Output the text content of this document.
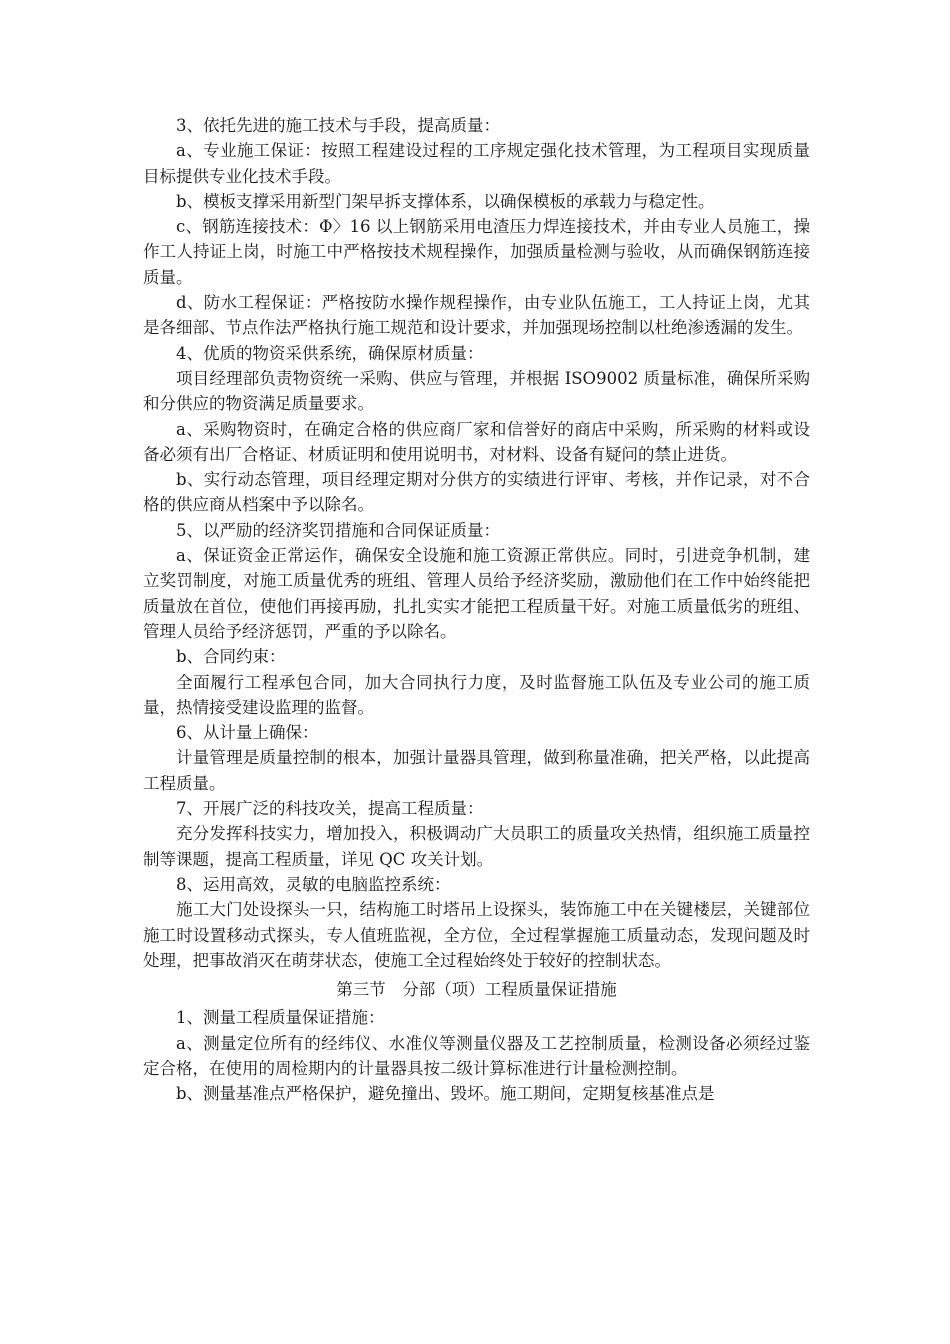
3、依托先进的施工技术与手段，提高质量：

a、专业施工保证：按照工程建设过程的工序规定强化技术管理，为工程项目实现质量目标提供专业化技术手段。

b、模板支撑采用新型门架早拆支撑体系，以确保模板的承载力与稳定性。

c、钢筋连接技术：Φ〉16 以上钢筋采用电渣压力焊连接技术，并由专业人员施工，操作工人持证上岗，时施工中严格按技术规程操作，加强质量检测与验收，从而确保钢筋连接质量。

d、防水工程保证：严格按防水操作规程操作，由专业队伍施工，工人持证上岗，尤其是各细部、节点作法严格执行施工规范和设计要求，并加强现场控制以杜绝渗透漏的发生。

4、优质的物资采供系统，确保原材质量：

项目经理部负责物资统一采购、供应与管理，并根据 ISO9002 质量标准，确保所采购和分供应的物资满足质量要求。

a、采购物资时，在确定合格的供应商厂家和信誉好的商店中采购，所采购的材料或设备必须有出厂合格证、材质证明和使用说明书，对材料、设备有疑问的禁止进货。

b、实行动态管理，项目经理定期对分供方的实绩进行评审、考核，并作记录，对不合格的供应商从档案中予以除名。

5、以严励的经济奖罚措施和合同保证质量：

a、保证资金正常运作，确保安全设施和施工资源正常供应。同时，引进竞争机制，建立奖罚制度，对施工质量优秀的班组、管理人员给予经济奖励，激励他们在工作中始终能把质量放在首位，使他们再接再励，扎扎实实才能把工程质量干好。对施工质量低劣的班组、管理人员给予经济惩罚，严重的予以除名。

b、合同约束：

全面履行工程承包合同，加大合同执行力度，及时监督施工队伍及专业公司的施工质量，热情接受建设监理的监督。

6、从计量上确保：

计量管理是质量控制的根本，加强计量器具管理，做到称量准确，把关严格，以此提高工程质量。

7、开展广泛的科技攻关，提高工程质量：

充分发挥科技实力，增加投入，积极调动广大员职工的质量攻关热情，组织施工质量控制等课题，提高工程质量，详见 QC 攻关计划。

8、运用高效，灵敏的电脑监控系统：

施工大门处设探头一只，结构施工时塔吊上设探头，装饰施工中在关键楼层，关键部位施工时设置移动式探头，专人值班监视，全方位，全过程掌握施工质量动态，发现问题及时处理，把事故消灭在萌芽状态，使施工全过程始终处于较好的控制状态。

第三节　分部（项）工程质量保证措施

1、测量工程质量保证措施：

a、测量定位所有的经纬仪、水准仪等测量仪器及工艺控制质量，检测设备必须经过鉴定合格，在使用的周检期内的计量器具按二级计算标准进行计量检测控制。

b、测量基准点严格保护，避免撞出、毁坏。施工期间，定期复核基准点是
